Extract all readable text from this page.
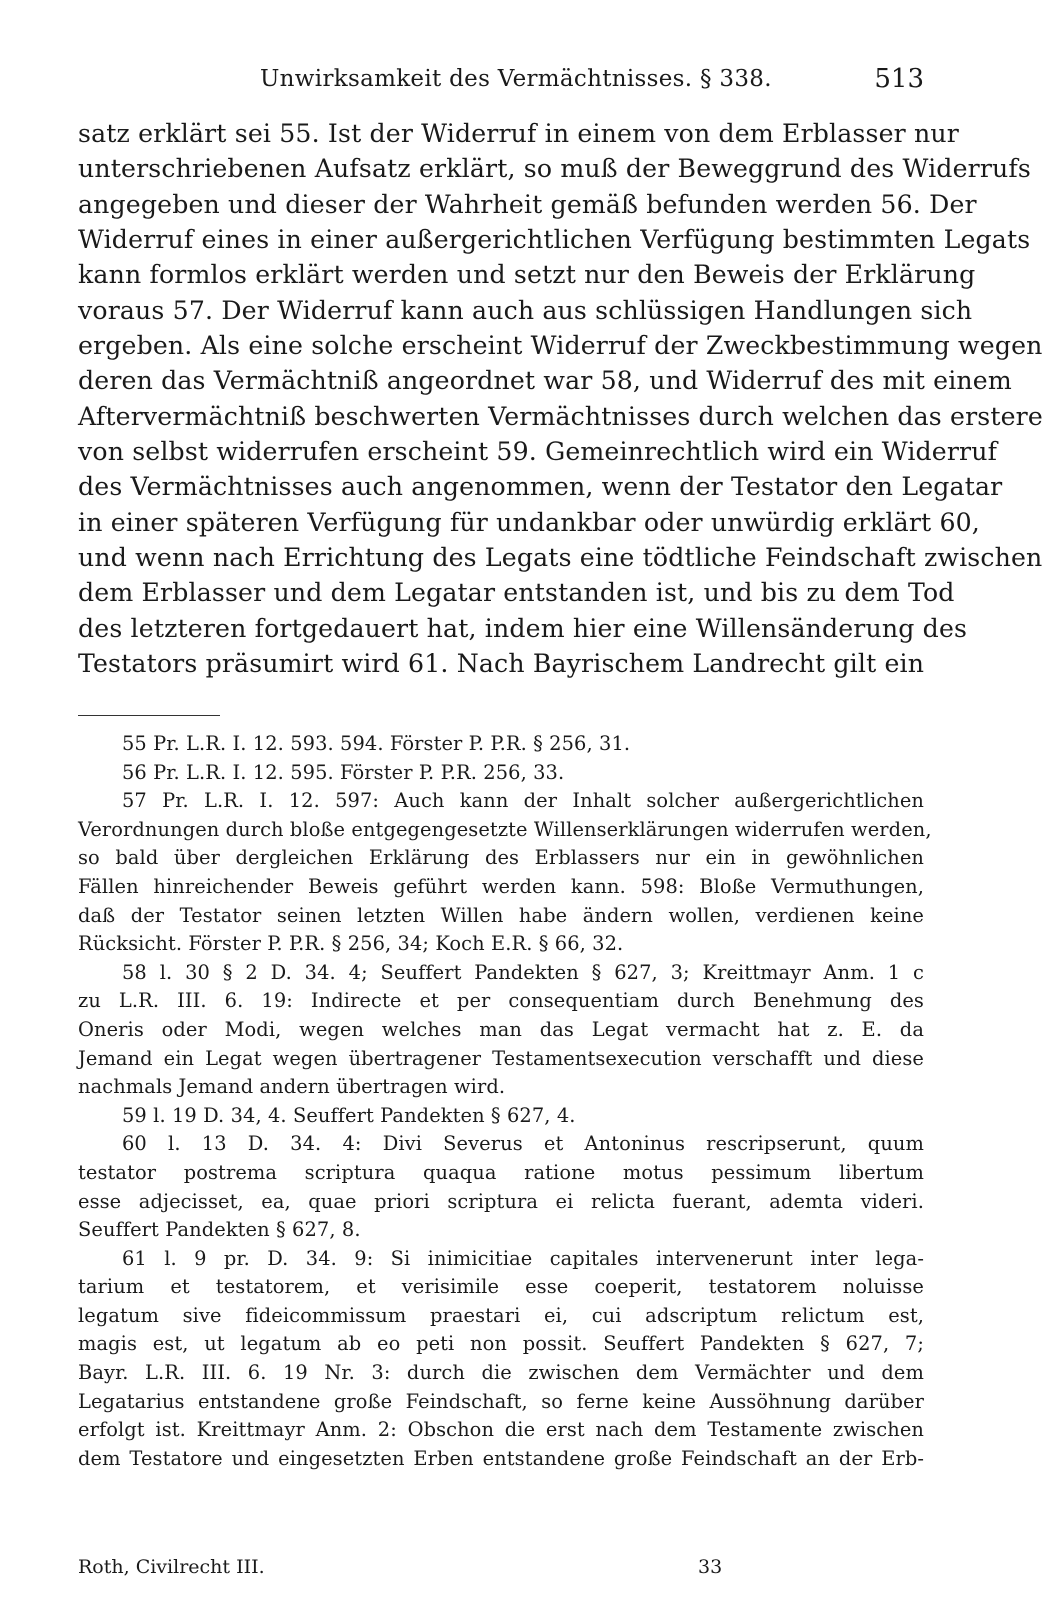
Unwirksamkeit des Vermächtnisses. § 338.	513
satz erklärt sei 55. Ist der Widerruf in einem von dem Erblasser nur
unterschriebenen Aufsatz erklärt, so muß der Beweggrund des Widerrufs
angegeben und dieser der Wahrheit gemäß befunden werden 56. Der
Widerruf eines in einer außergerichtlichen Verfügung bestimmten Legats
kann formlos erklärt werden und setzt nur den Beweis der Erklärung
voraus 57. Der Widerruf kann auch aus schlüssigen Handlungen sich
ergeben. Als eine solche erscheint Widerruf der Zweckbestimmung wegen
deren das Vermächtniß angeordnet war 58, und Widerruf des mit einem
Aftervermächtniß beschwerten Vermächtnisses durch welchen das erstere
von selbst widerrufen erscheint 59. Gemeinrechtlich wird ein Widerruf
des Vermächtnisses auch angenommen, wenn der Testator den Legatar
in einer späteren Verfügung für undankbar oder unwürdig erklärt 60,
und wenn nach Errichtung des Legats eine tödtliche Feindschaft zwischen
dem Erblasser und dem Legatar entstanden ist, und bis zu dem Tod
des letzteren fortgedauert hat, indem hier eine Willensänderung des
Testators präsumirt wird 61. Nach Bayrischem Landrecht gilt ein
55 Pr. L.R. I. 12. 593. 594. Förster P. P.R. § 256, 31.
56 Pr. L.R. I. 12. 595. Förster P. P.R. 256, 33.
57 Pr. L.R. I. 12. 597: Auch kann der Inhalt solcher außergerichtlichen
Verordnungen durch bloße entgegengesetzte Willenserklärungen widerrufen werden,
so bald über dergleichen Erklärung des Erblassers nur ein in gewöhnlichen
Fällen hinreichender Beweis geführt werden kann. 598: Bloße Vermuthungen,
daß der Testator seinen letzten Willen habe ändern wollen, verdienen keine
Rücksicht. Förster P. P.R. § 256, 34; Koch E.R. § 66, 32.
58 l. 30 § 2 D. 34. 4; Seuffert Pandekten § 627, 3; Kreittmayr Anm. 1 c
zu L.R. III. 6. 19: Indirecte et per consequentiam durch Benehmung des
Oneris oder Modi, wegen welches man das Legat vermacht hat z. E. da
Jemand ein Legat wegen übertragener Testamentsexecution verschafft und diese
nachmals Jemand andern übertragen wird.
59 l. 19 D. 34, 4. Seuffert Pandekten § 627, 4.
60 l. 13 D. 34. 4: Divi Severus et Antoninus rescripserunt, quum
testator postrema scriptura quaqua ratione motus pessimum libertum
esse adjecisset, ea, quae priori scriptura ei relicta fuerant, ademta videri.
Seuffert Pandekten § 627, 8.
61 l. 9 pr. D. 34. 9: Si inimicitiae capitales intervenerunt inter lega-
tarium et testatorem, et verisimile esse coeperit, testatorem noluisse
legatum sive fideicommissum praestari ei, cui adscriptum relictum est,
magis est, ut legatum ab eo peti non possit. Seuffert Pandekten § 627, 7;
Bayr. L.R. III. 6. 19 Nr. 3: durch die zwischen dem Vermächter und dem
Legatarius entstandene große Feindschaft, so ferne keine Aussöhnung darüber
erfolgt ist. Kreittmayr Anm. 2: Obschon die erst nach dem Testamente zwischen
dem Testatore und eingesetzten Erben entstandene große Feindschaft an der Erb-
Roth, Civilrecht III.	33
